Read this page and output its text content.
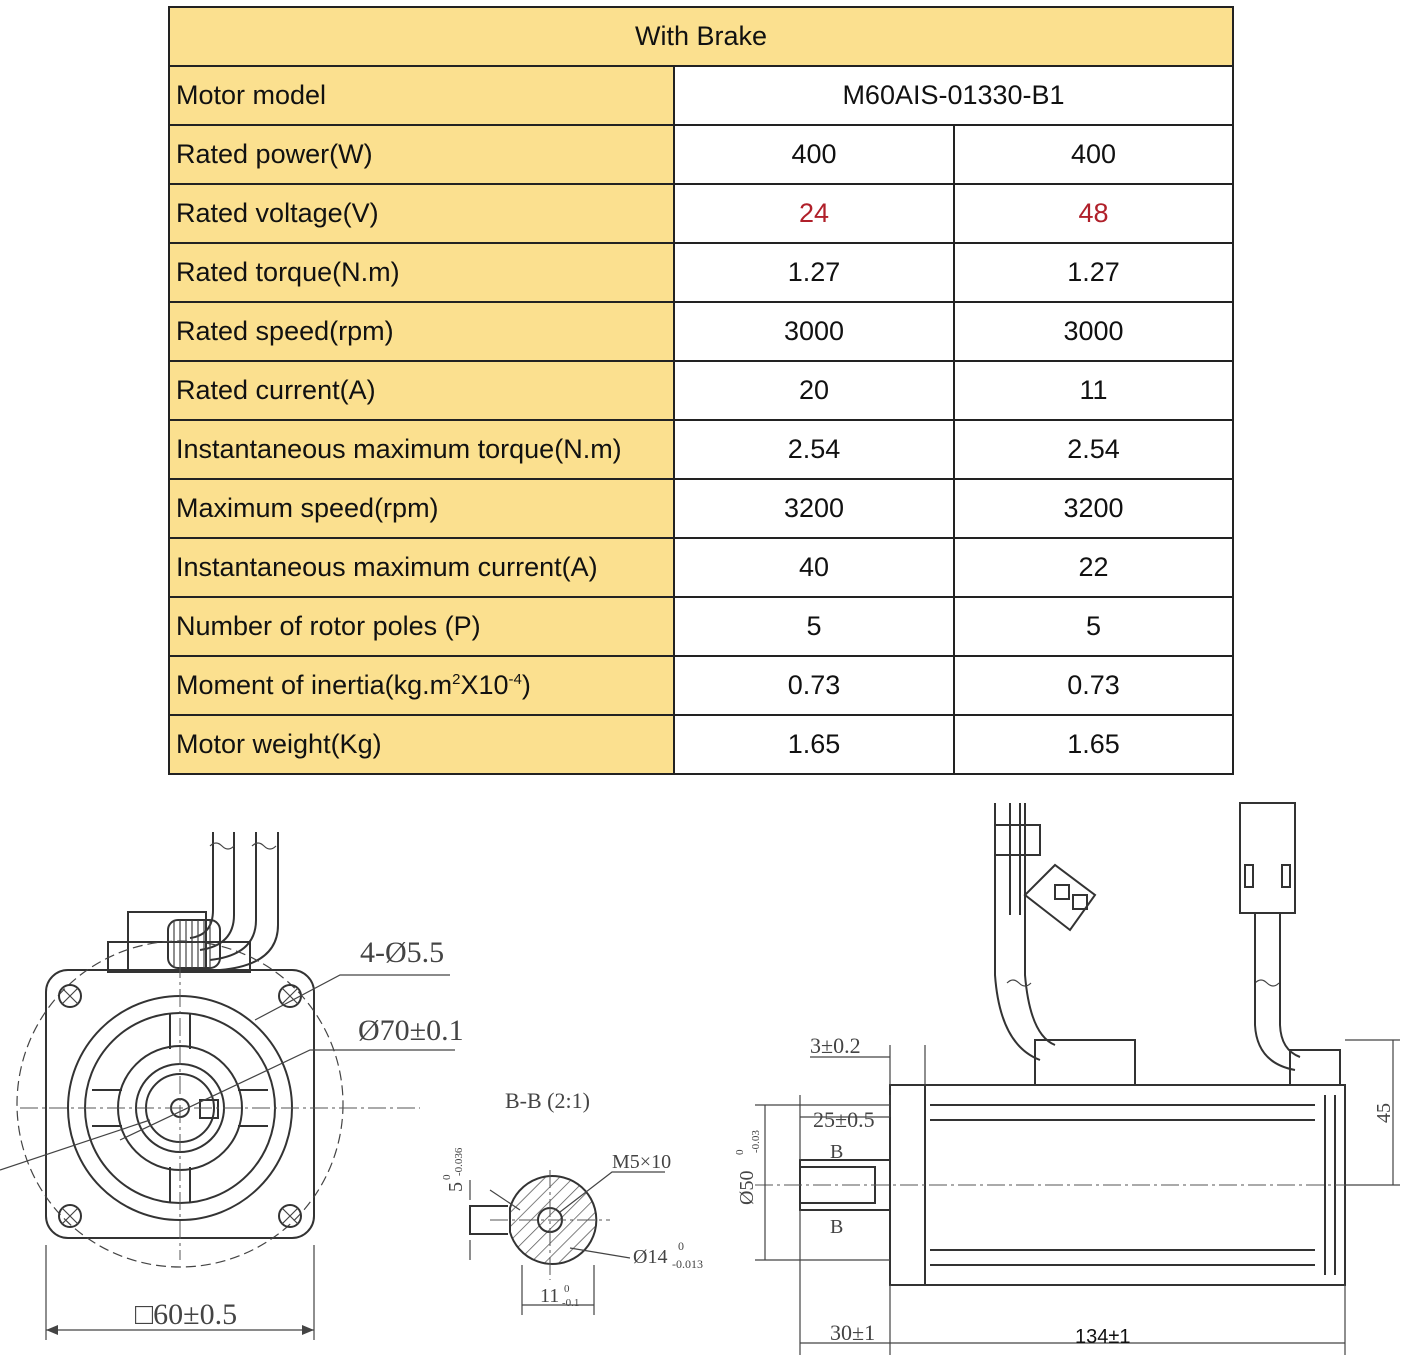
With Brake		
Motor model	M60AIS-01330-B1	
Rated power(W)	400	400
Rated voltage(V)	24	48
Rated torque(N.m)	1.27	1.27
Rated speed(rpm)	3000	3000
Rated current(A)	20	11
Instantaneous maximum torque(N.m)	2.54	2.54
Maximum speed(rpm)	3200	3200
Instantaneous maximum current(A)	40	22
Number of rotor poles (P)	5	5
Moment of $inertia(kg.m^2X10^{-4})$	0.73	0.73
Motor weight(Kg)	1.65	1.65
4-Ø5.5
Ø70±0.1
□60±0.5
B-B (2:1)
M5×10
Ø14 0
-0.013
5
0
-0.036
11 0
-0.1
3±0.2
25±0.5
B
B
Ø50
0 -0.03
45
30±1	134±1
